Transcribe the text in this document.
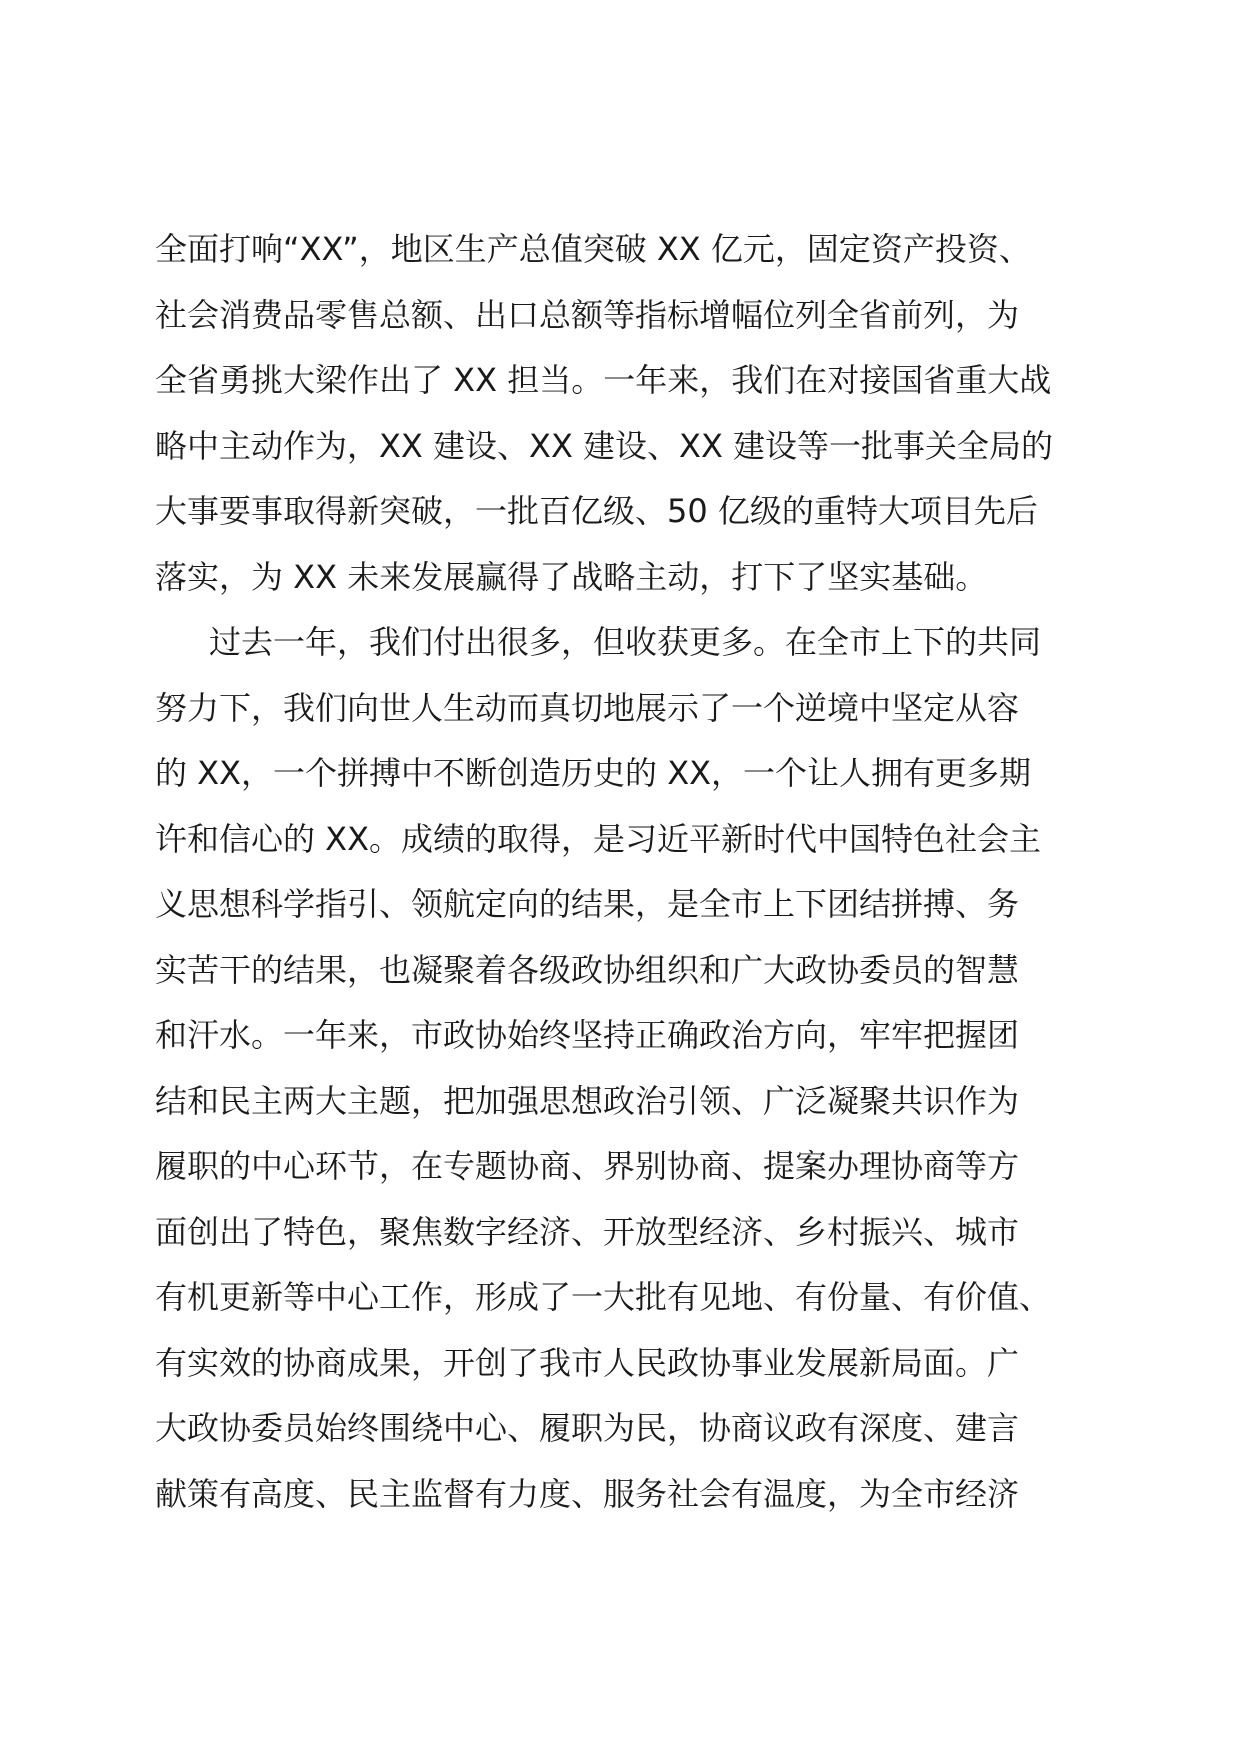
全面打响“XX”，地区生产总值突破 XX 亿元，固定资产投资、
社会消费品零售总额、出口总额等指标增幅位列全省前列，为
全省勇挑大梁作出了 XX 担当。一年来，我们在对接国省重大战
略中主动作为，XX 建设、XX 建设、XX 建设等一批事关全局的
大事要事取得新突破，一批百亿级、50 亿级的重特大项目先后
落实，为 XX 未来发展赢得了战略主动，打下了坚实基础。
过去一年，我们付出很多，但收获更多。在全市上下的共同
努力下，我们向世人生动而真切地展示了一个逆境中坚定从容
的 XX，一个拼搏中不断创造历史的 XX，一个让人拥有更多期
许和信心的 XX。成绩的取得，是习近平新时代中国特色社会主
义思想科学指引、领航定向的结果，是全市上下团结拼搏、务
实苦干的结果，也凝聚着各级政协组织和广大政协委员的智慧
和汗水。一年来，市政协始终坚持正确政治方向，牢牢把握团
结和民主两大主题，把加强思想政治引领、广泛凝聚共识作为
履职的中心环节，在专题协商、界别协商、提案办理协商等方
面创出了特色，聚焦数字经济、开放型经济、乡村振兴、城市
有机更新等中心工作，形成了一大批有见地、有份量、有价值、
有实效的协商成果，开创了我市人民政协事业发展新局面。广
大政协委员始终围绕中心、履职为民，协商议政有深度、建言
献策有高度、民主监督有力度、服务社会有温度，为全市经济
